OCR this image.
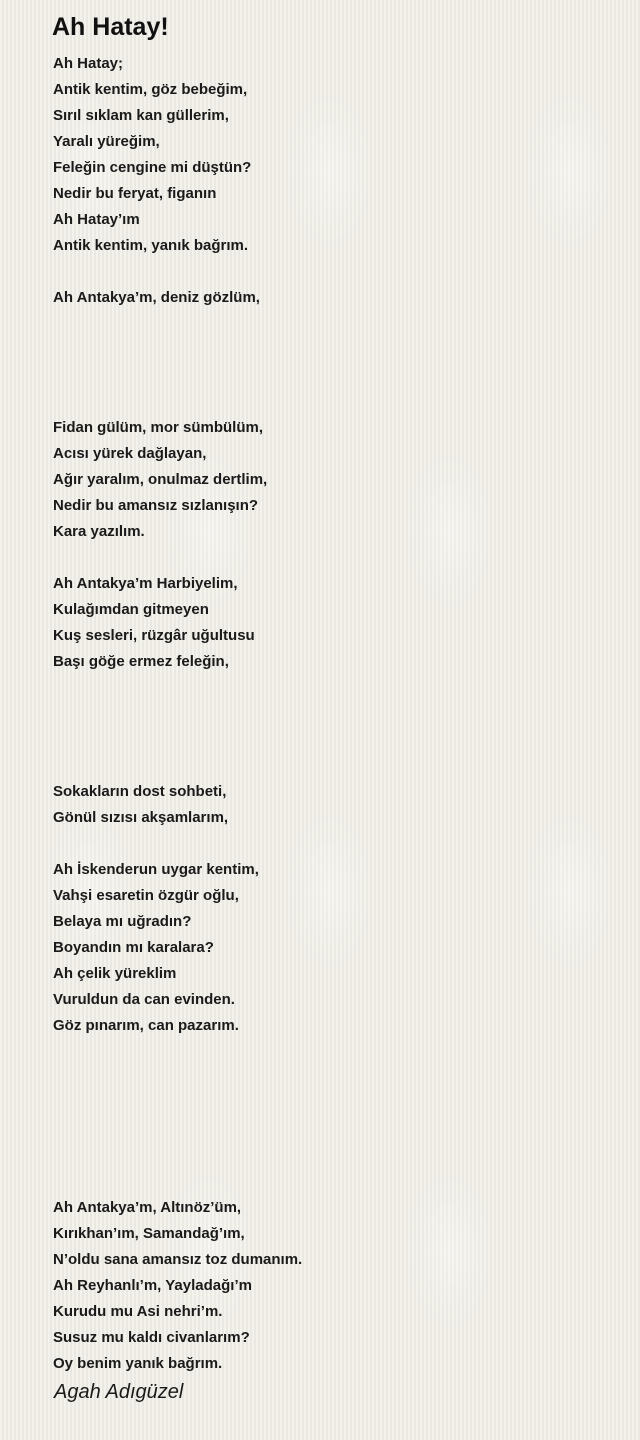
Ah Hatay!
Ah Hatay;
Antik kentim, göz bebeğim,
Sırıl sıklam kan güllerim,
Yaralı yüreğim,
Feleğin cengine mi düştün?
Nedir bu feryat, figanın
Ah Hatay’ım
Antik kentim, yanık bağrım.
Ah Antakya’m, deniz gözlüm,
Fidan gülüm, mor sümbülüm,
Acısı yürek dağlayan,
Ağır yaralım, onulmaz dertlim,
Nedir bu amansız sızlanışın?
Kara yazılım.
Ah Antakya’m Harbiyelim,
Kulağımdan gitmeyen
Kuş sesleri, rüzgâr uğultusu
Başı göğe ermez feleğin,
Sokakların dost sohbeti,
Gönül sızısı akşamlarım,
Ah İskenderun uygar kentim,
Vahşi esaretin özgür oğlu,
Belaya mı uğradın?
Boyandın mı karalara?
Ah çelik yüreklim
Vuruldun da can evinden.
Göz pınarım, can pazarım.
Ah Antakya’m, Altınöz’üm,
Kırıkhan’ım, Samandağ’ım,
N’oldu sana amansız toz dumanım.
Ah Reyhanlı’m, Yayladağı’m
Kurudu mu Asi nehri’m.
Susuz mu kaldı civanlarım?
Oy benim yanık bağrım.
Agah Adıgüzel
